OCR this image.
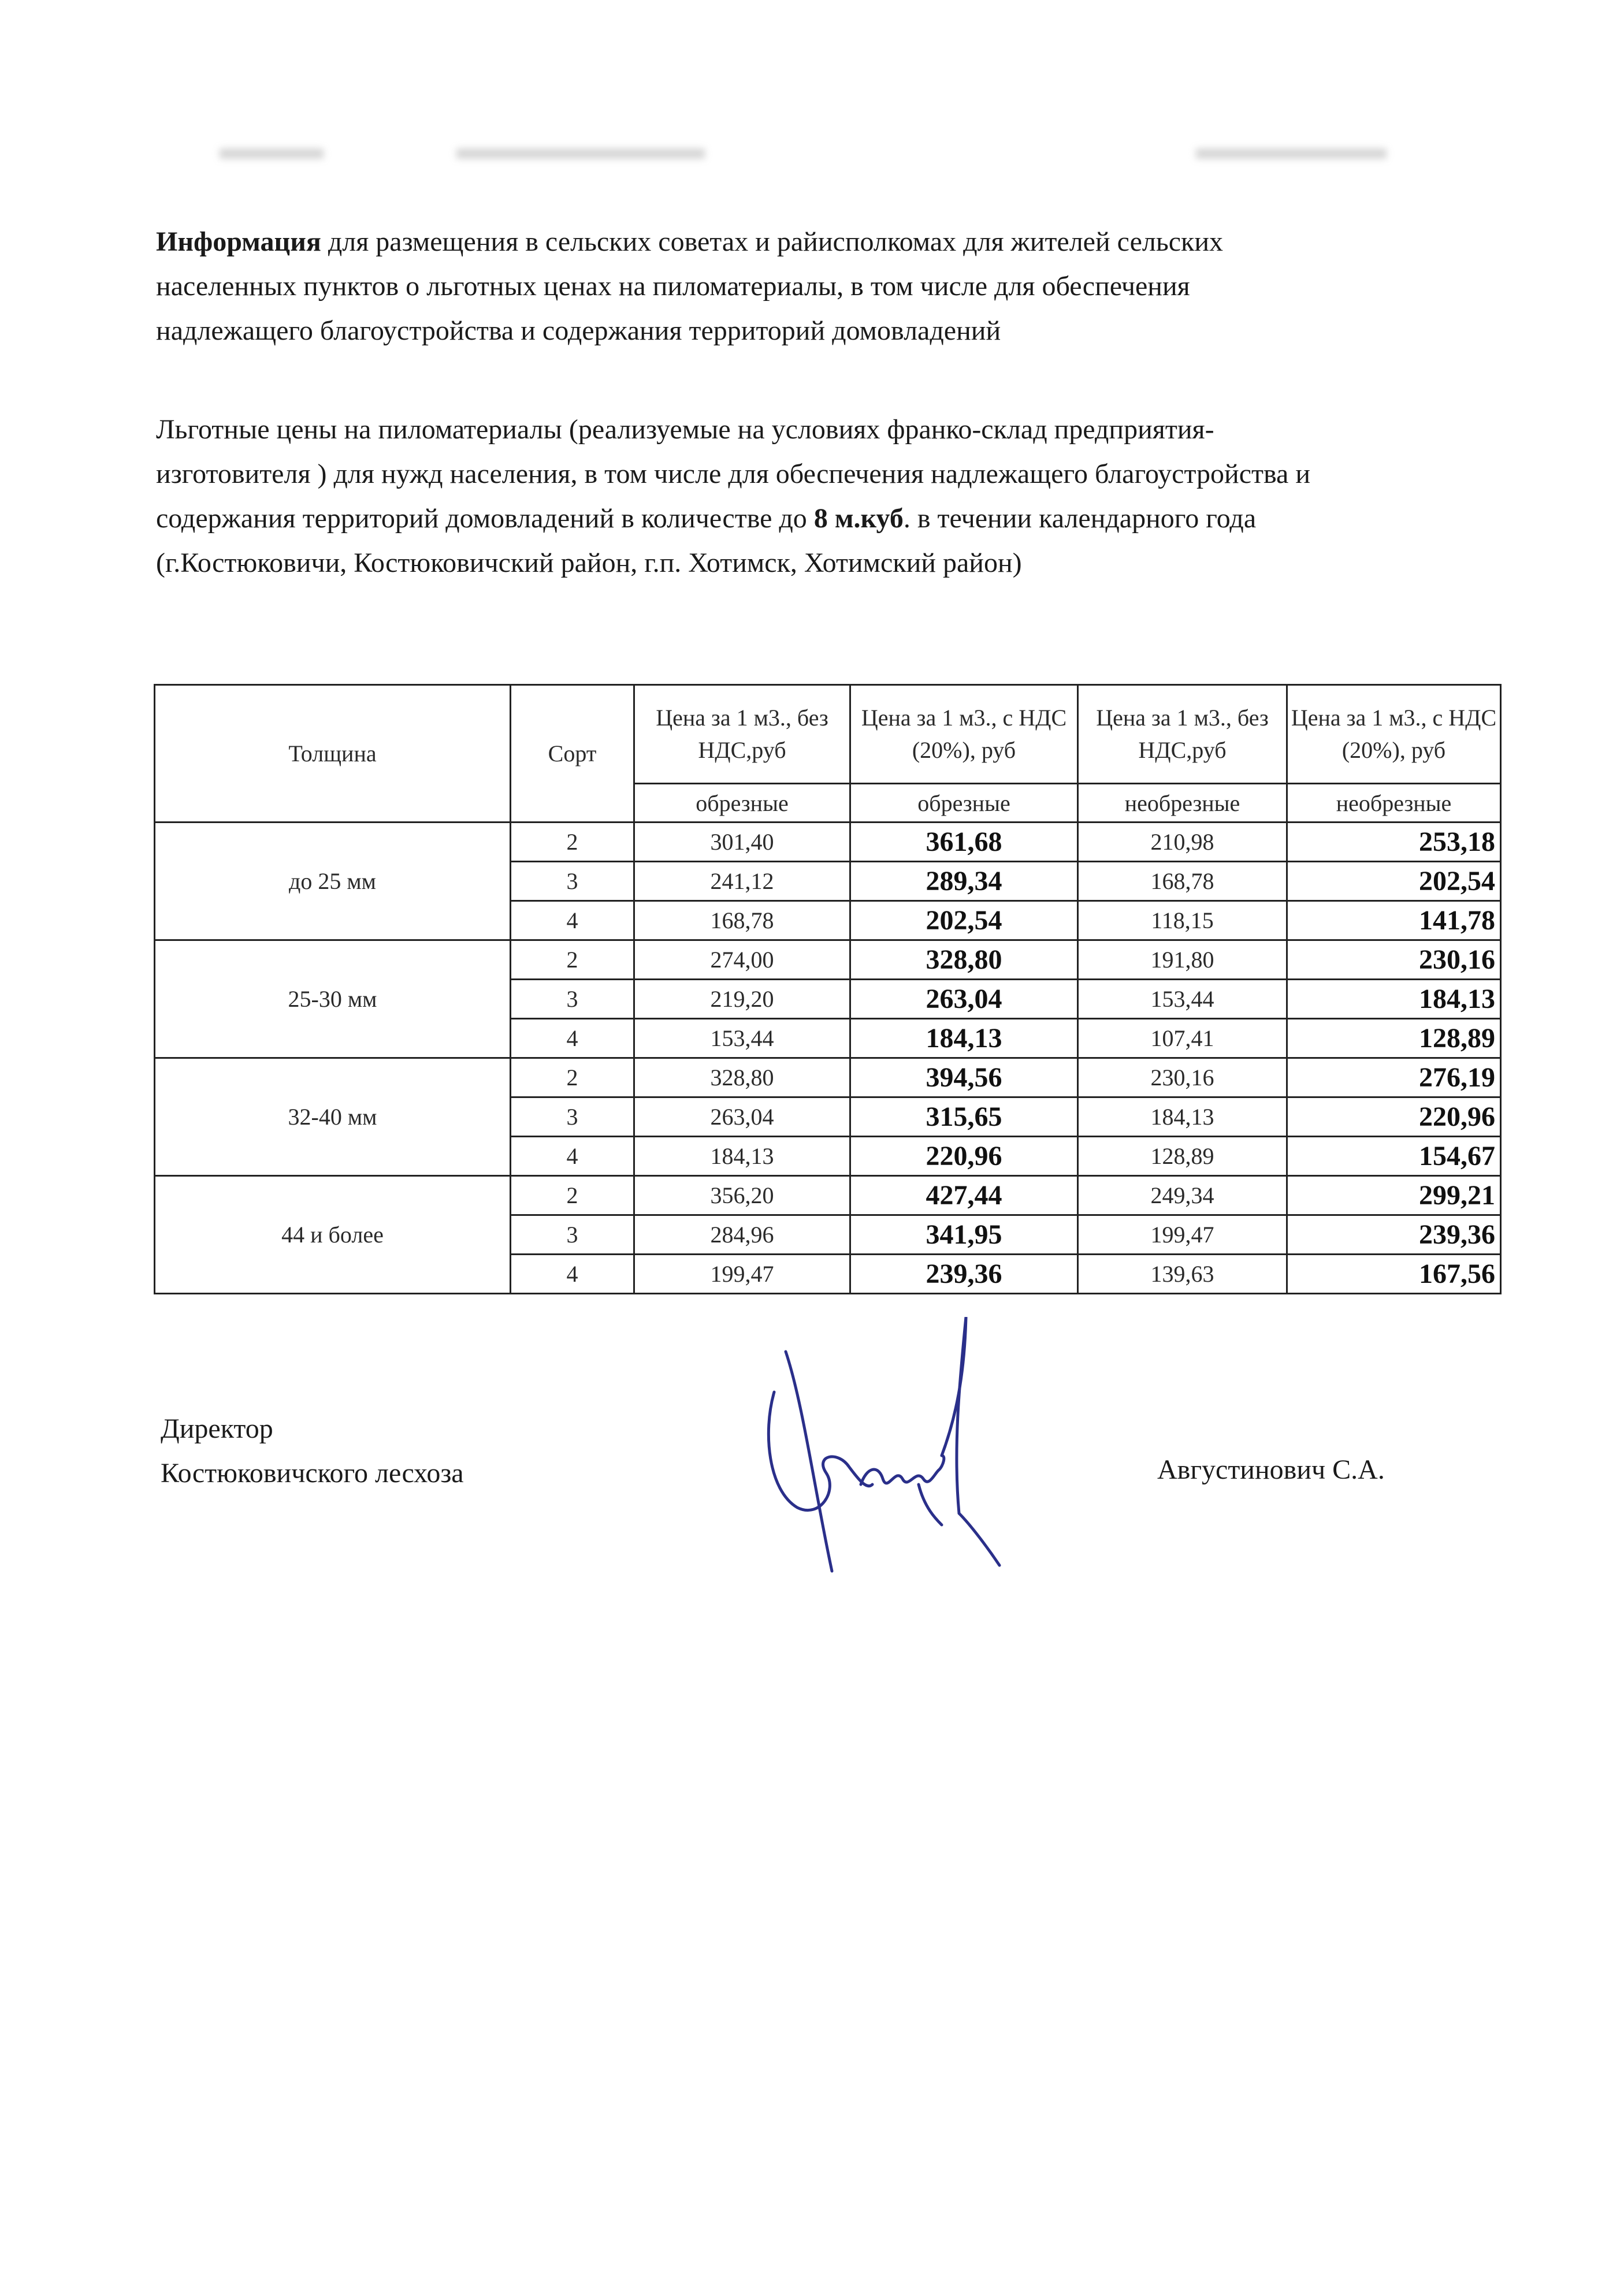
Информация для размещения в сельских советах и райисполкомах для жителей сельских
населенных пунктов о льготных ценах на пиломатериалы, в том числе для обеспечения
надлежащего благоустройства и содержания территорий домовладений
Льготные цены на пиломатериалы (реализуемые на условиях франко-склад предприятия-
изготовителя ) для нужд населения, в том числе для обеспечения надлежащего благоустройства и
содержания территорий домовладений в количестве до 8 м.куб. в течении календарного года
(г.Костюковичи, Костюковичский район, г.п. Хотимск, Хотимский район)
Толщина	Сорт	Цена за 1 м3., без НДС,руб	Цена за 1 м3., с НДС (20%), руб	Цена за 1 м3., без НДС,руб	Цена за 1 м3., с НДС (20%), руб
		обрезные	обрезные	необрезные	необрезные
до 25 мм	2	301,40	361,68	210,98	253,18
	3	241,12	289,34	168,78	202,54
	4	168,78	202,54	118,15	141,78
25-30 мм	2	274,00	328,80	191,80	230,16
	3	219,20	263,04	153,44	184,13
	4	153,44	184,13	107,41	128,89
32-40 мм	2	328,80	394,56	230,16	276,19
	3	263,04	315,65	184,13	220,96
	4	184,13	220,96	128,89	154,67
44 и более	2	356,20	427,44	249,34	299,21
	3	284,96	341,95	199,47	239,36
	4	199,47	239,36	139,63	167,56
Директор
Костюковичского лесхоза	Августинович С.А.
